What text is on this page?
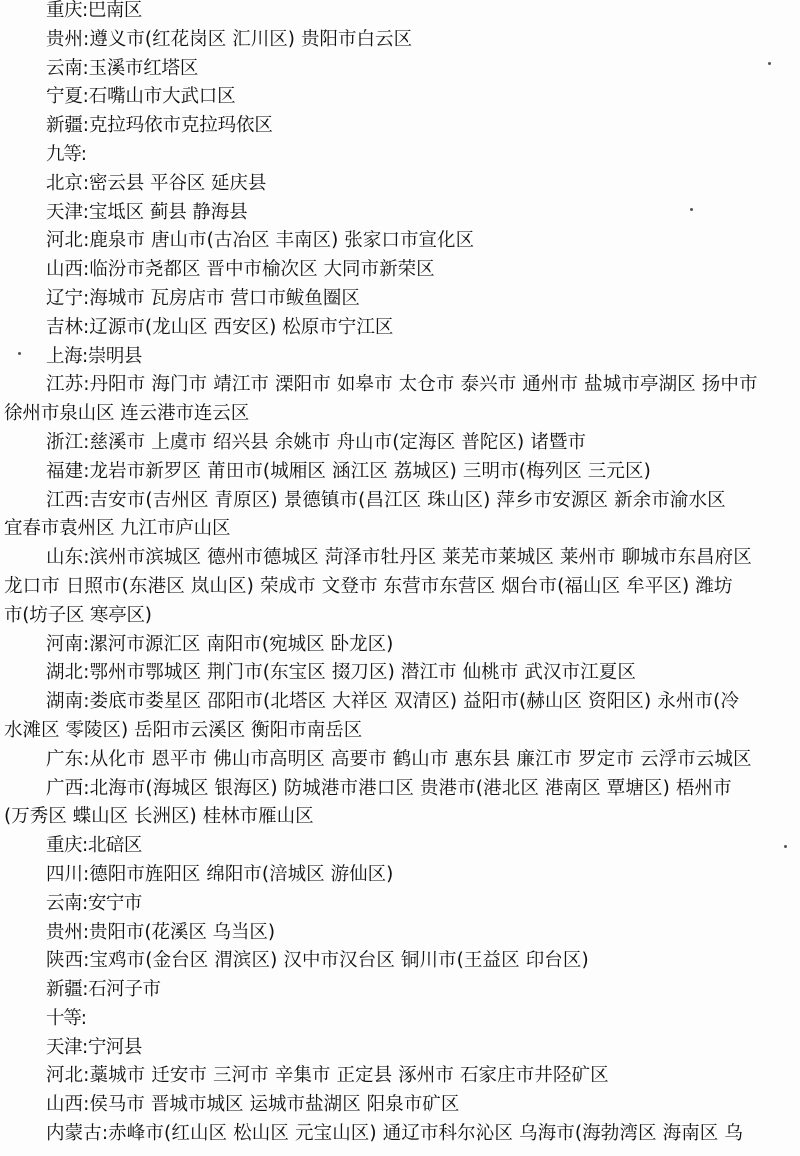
重庆:巴南区
贵州:遵义市(红花岗区 汇川区) 贵阳市白云区
云南:玉溪市红塔区
宁夏:石嘴山市大武口区
新疆:克拉玛依市克拉玛依区
九等:
北京:密云县 平谷区 延庆县
天津:宝坻区 蓟县 静海县
河北:鹿泉市 唐山市(古冶区 丰南区) 张家口市宣化区
山西:临汾市尧都区 晋中市榆次区 大同市新荣区
辽宁:海城市 瓦房店市 营口市鲅鱼圈区
吉林:辽源市(龙山区 西安区) 松原市宁江区
上海:崇明县
江苏:丹阳市 海门市 靖江市 溧阳市 如皋市 太仓市 泰兴市 通州市 盐城市亭湖区 扬中市
徐州市泉山区 连云港市连云区
浙江:慈溪市 上虞市 绍兴县 余姚市 舟山市(定海区 普陀区) 诸暨市
福建:龙岩市新罗区 莆田市(城厢区 涵江区 荔城区) 三明市(梅列区 三元区)
江西:吉安市(吉州区 青原区) 景德镇市(昌江区 珠山区) 萍乡市安源区 新余市渝水区
宜春市袁州区 九江市庐山区
山东:滨州市滨城区 德州市德城区 菏泽市牡丹区 莱芜市莱城区 莱州市 聊城市东昌府区
龙口市 日照市(东港区 岚山区) 荣成市 文登市 东营市东营区 烟台市(福山区 牟平区) 潍坊
市(坊子区 寒亭区)
河南:漯河市源汇区 南阳市(宛城区 卧龙区)
湖北:鄂州市鄂城区 荆门市(东宝区 掇刀区) 潜江市 仙桃市 武汉市江夏区
湖南:娄底市娄星区 邵阳市(北塔区 大祥区 双清区) 益阳市(赫山区 资阳区) 永州市(冷
水滩区 零陵区) 岳阳市云溪区 衡阳市南岳区
广东:从化市 恩平市 佛山市高明区 高要市 鹤山市 惠东县 廉江市 罗定市 云浮市云城区
广西:北海市(海城区 银海区) 防城港市港口区 贵港市(港北区 港南区 覃塘区) 梧州市
(万秀区 蝶山区 长洲区) 桂林市雁山区
重庆:北碚区
四川:德阳市旌阳区 绵阳市(涪城区 游仙区)
云南:安宁市
贵州:贵阳市(花溪区 乌当区)
陕西:宝鸡市(金台区 渭滨区) 汉中市汉台区 铜川市(王益区 印台区)
新疆:石河子市
十等:
天津:宁河县
河北:藁城市 迁安市 三河市 辛集市 正定县 涿州市 石家庄市井陉矿区
山西:侯马市 晋城市城区 运城市盐湖区 阳泉市矿区
内蒙古:赤峰市(红山区 松山区 元宝山区) 通辽市科尔沁区 乌海市(海勃湾区 海南区 乌
